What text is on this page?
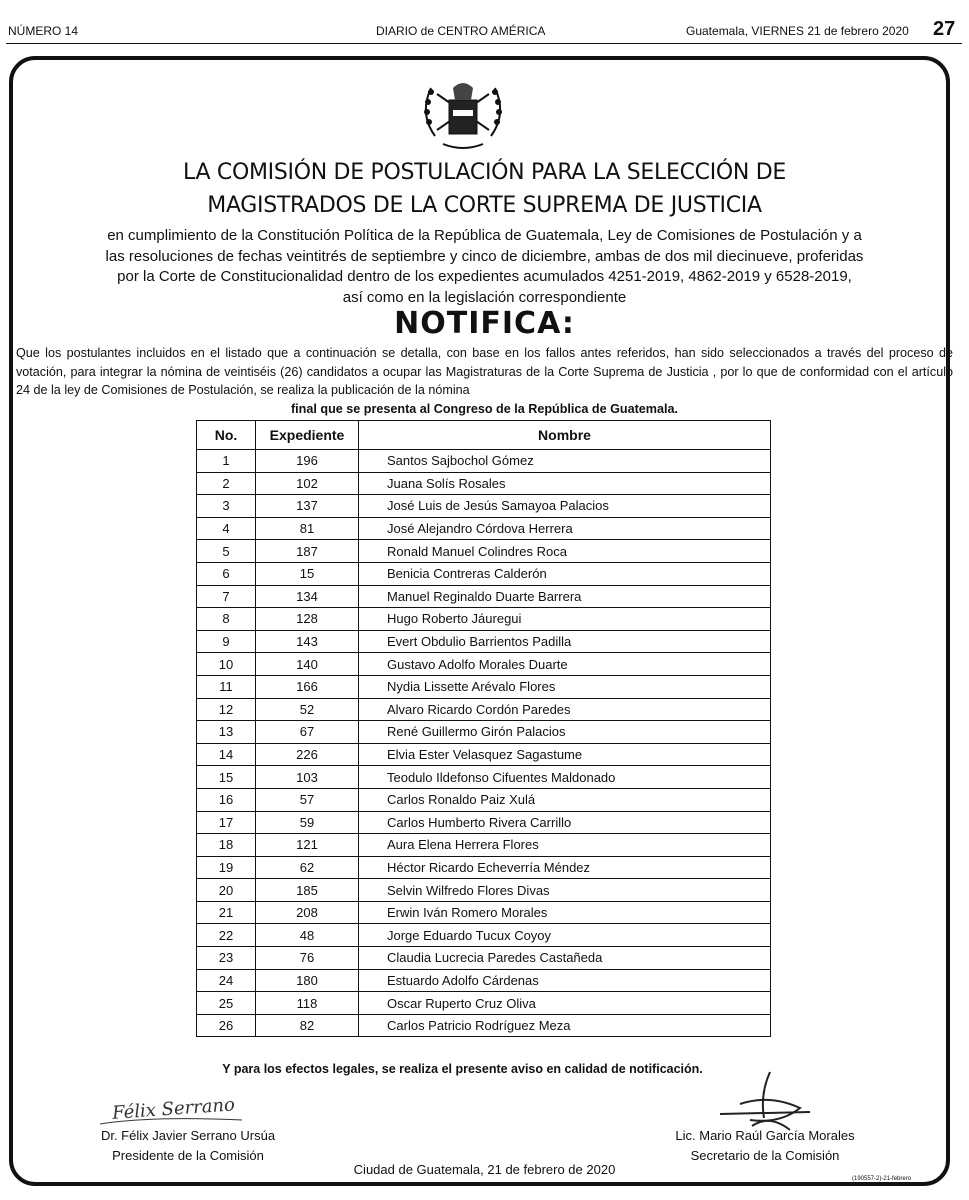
NÚMERO 14	DIARIO de CENTRO AMÉRICA	Guatemala, VIERNES 21 de febrero 2020 27
LA COMISIÓN DE POSTULACIÓN PARA LA SELECCIÓN DE
MAGISTRADOS DE LA CORTE SUPREMA DE JUSTICIA
en cumplimiento de la Constitución Política de la República de Guatemala, Ley de Comisiones de Postulación y a
las resoluciones de fechas veintitrés de septiembre y cinco de diciembre, ambas de dos mil diecinueve, proferidas
por la Corte de Constitucionalidad dentro de los expedientes acumulados 4251-2019, 4862-2019 y 6528-2019,
así como en la legislación correspondiente
NOTIFICA:
Que los postulantes incluidos en el listado que a continuación se detalla, con base en los fallos antes referidos, han sido seleccionados a través del proceso de votación, para integrar la nómina de veintiséis (26) candidatos a ocupar las Magistraturas de la Corte Suprema de Justicia , por lo que de conformidad con el artículo 24 de la ley de Comisiones de Postulación, se realiza la publicación de la nómina
final que se presenta al Congreso de la República de Guatemala.
No.	Expediente	Nombre
1	196	Santos Sajbochol Gómez
2	102	Juana Solís Rosales
3	137	José Luis de Jesús Samayoa Palacios
4	81	José Alejandro Córdova Herrera
5	187	Ronald Manuel Colindres Roca
6	15	Benicia Contreras Calderón
7	134	Manuel Reginaldo Duarte Barrera
8	128	Hugo Roberto Jáuregui
9	143	Evert Obdulio Barrientos Padilla
10	140	Gustavo Adolfo Morales Duarte
11	166	Nydia Lissette Arévalo Flores
12	52	Alvaro Ricardo Cordón Paredes
13	67	René Guillermo Girón Palacios
14	226	Elvia Ester Velasquez Sagastume
15	103	Teodulo Ildefonso Cifuentes Maldonado
16	57	Carlos Ronaldo Paiz Xulá
17	59	Carlos Humberto Rivera Carrillo
18	121	Aura Elena Herrera Flores
19	62	Héctor Ricardo Echeverría Méndez
20	185	Selvin Wilfredo Flores Divas
21	208	Erwin Iván Romero Morales
22	48	Jorge Eduardo Tucux Coyoy
23	76	Claudia Lucrecia Paredes Castañeda
24	180	Estuardo Adolfo Cárdenas
25	118	Oscar Ruperto Cruz Oliva
26	82	Carlos Patricio Rodríguez Meza
Y para los efectos legales, se realiza el presente aviso en calidad de notificación.
Félix Serrano
Dr. Félix Javier Serrano Ursúa
Presidente de la Comisión
Lic. Mario Raúl García Morales
Secretario de la Comisión
Ciudad de Guatemala, 21 de febrero de 2020
(190557-2)-21-febrero
